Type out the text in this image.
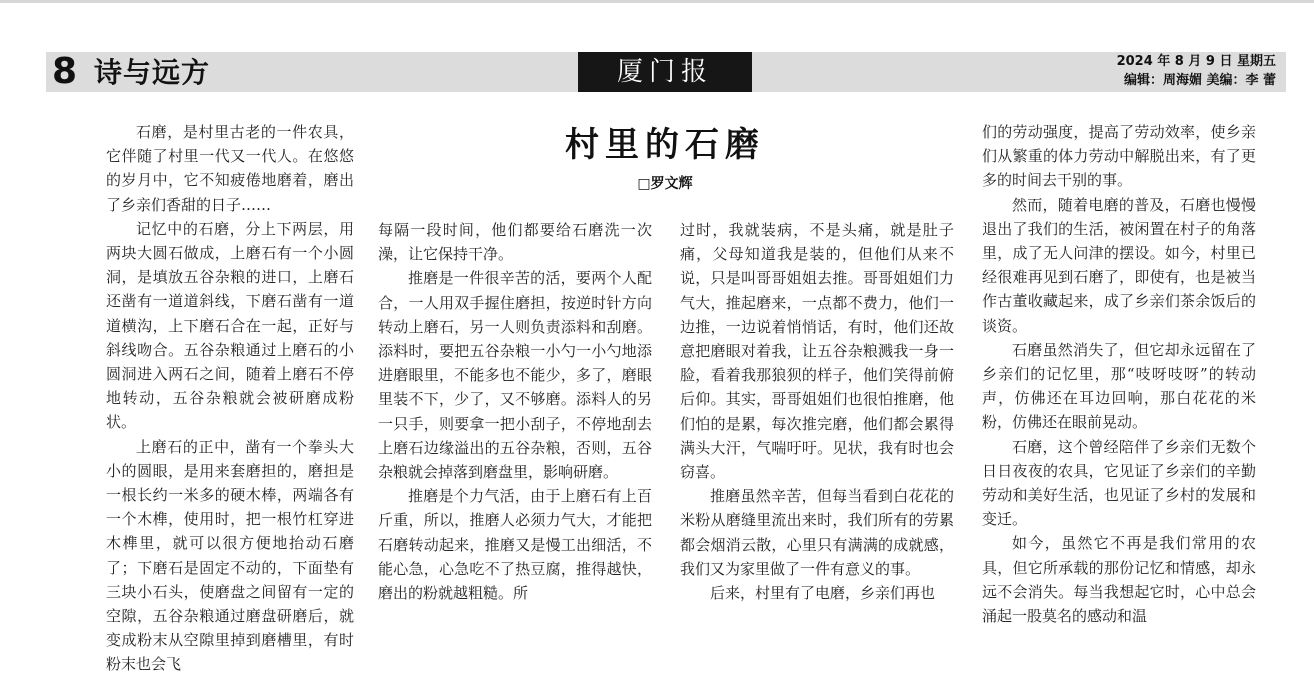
8 诗与远方	厦门报	2024 年 8 月 9 日 星期五
编辑：周海媚 美编：李 蕾
村里的石磨
□罗文辉

石磨，是村里古老的一件农具，它伴随了村里一代又一代人。在悠悠的岁月中，它不知疲倦地磨着，磨出了乡亲们香甜的日子……

记忆中的石磨，分上下两层，用两块大圆石做成，上磨石有一个小圆洞，是填放五谷杂粮的进口，上磨石还凿有一道道斜线，下磨石凿有一道道横沟，上下磨石合在一起，正好与斜线吻合。五谷杂粮通过上磨石的小圆洞进入两石之间，随着上磨石不停地转动，五谷杂粮就会被研磨成粉状。

上磨石的正中，凿有一个拳头大小的圆眼，是用来套磨担的，磨担是一根长约一米多的硬木棒，两端各有一个木榫，使用时，把一根竹杠穿进木榫里，就可以很方便地抬动石磨了；下磨石是固定不动的，下面垫有三块小石头，使磨盘之间留有一定的空隙，五谷杂粮通过磨盘研磨后，就变成粉末从空隙里掉到磨槽里，有时粉末也会飞

每隔一段时间，他们都要给石磨洗一次澡，让它保持干净。

推磨是一件很辛苦的活，要两个人配合，一人用双手握住磨担，按逆时针方向转动上磨石，另一人则负责添料和刮磨。添料时，要把五谷杂粮一小勺一小勺地添进磨眼里，不能多也不能少，多了，磨眼里装不下，少了，又不够磨。添料人的另一只手，则要拿一把小刮子，不停地刮去上磨石边缘溢出的五谷杂粮，否则，五谷杂粮就会掉落到磨盘里，影响研磨。

推磨是个力气活，由于上磨石有上百斤重，所以，推磨人必须力气大，才能把石磨转动起来，推磨又是慢工出细活，不能心急，心急吃不了热豆腐，推得越快，磨出的粉就越粗糙。所

过时，我就装病，不是头痛，就是肚子痛，父母知道我是装的，但他们从来不说，只是叫哥哥姐姐去推。哥哥姐姐们力气大，推起磨来，一点都不费力，他们一边推，一边说着悄悄话，有时，他们还故意把磨眼对着我，让五谷杂粮溅我一身一脸，看着我那狼狈的样子，他们笑得前俯后仰。其实，哥哥姐姐们也很怕推磨，他们怕的是累，每次推完磨，他们都会累得满头大汗，气喘吁吁。见状，我有时也会窃喜。

推磨虽然辛苦，但每当看到白花花的米粉从磨缝里流出来时，我们所有的劳累都会烟消云散，心里只有满满的成就感，我们又为家里做了一件有意义的事。

后来，村里有了电磨，乡亲们再也

们的劳动强度，提高了劳动效率，使乡亲们从繁重的体力劳动中解脱出来，有了更多的时间去干别的事。

然而，随着电磨的普及，石磨也慢慢退出了我们的生活，被闲置在村子的角落里，成了无人问津的摆设。如今，村里已经很难再见到石磨了，即使有，也是被当作古董收藏起来，成了乡亲们茶余饭后的谈资。

石磨虽然消失了，但它却永远留在了乡亲们的记忆里，那“吱呀吱呀”的转动声，仿佛还在耳边回响，那白花花的米粉，仿佛还在眼前晃动。

石磨，这个曾经陪伴了乡亲们无数个日日夜夜的农具，它见证了乡亲们的辛勤劳动和美好生活，也见证了乡村的发展和变迁。

如今，虽然它不再是我们常用的农具，但它所承载的那份记忆和情感，却永远不会消失。每当我想起它时，心中总会涌起一股莫名的感动和温
